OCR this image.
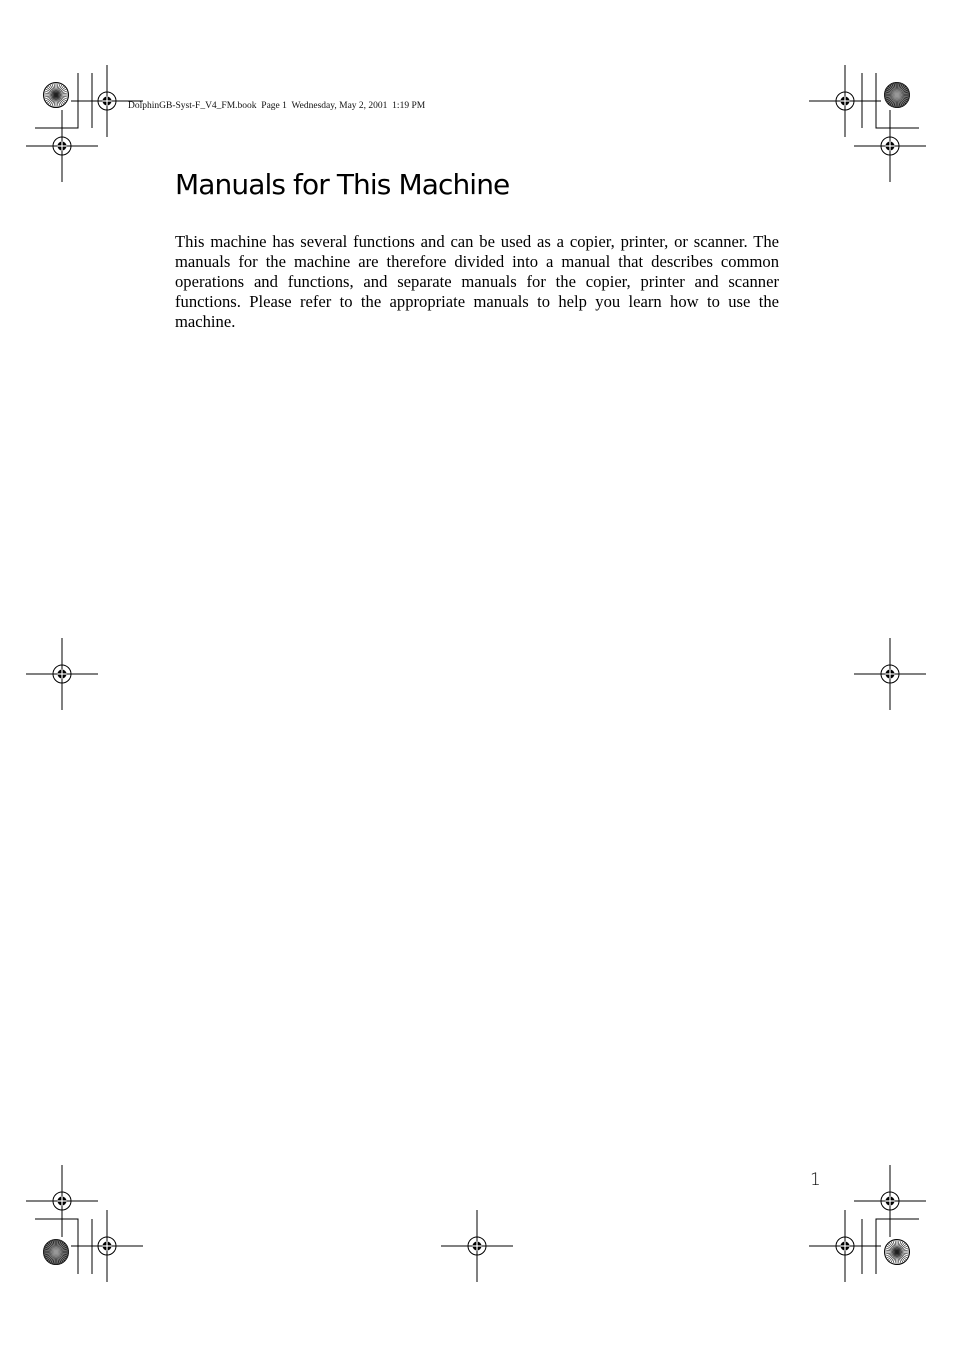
DolphinGB-Syst-F_V4_FM.book  Page 1  Wednesday, May 2, 2001  1:19 PM
Manuals for This Machine

This machine has several functions and can be used as a copier, printer, or scanner. The manuals for the machine are therefore divided into a manual that describes common operations and functions, and separate manuals for the copier, printer and scanner functions. Please refer to the appropriate manuals to help you learn how to use the machine.

1
